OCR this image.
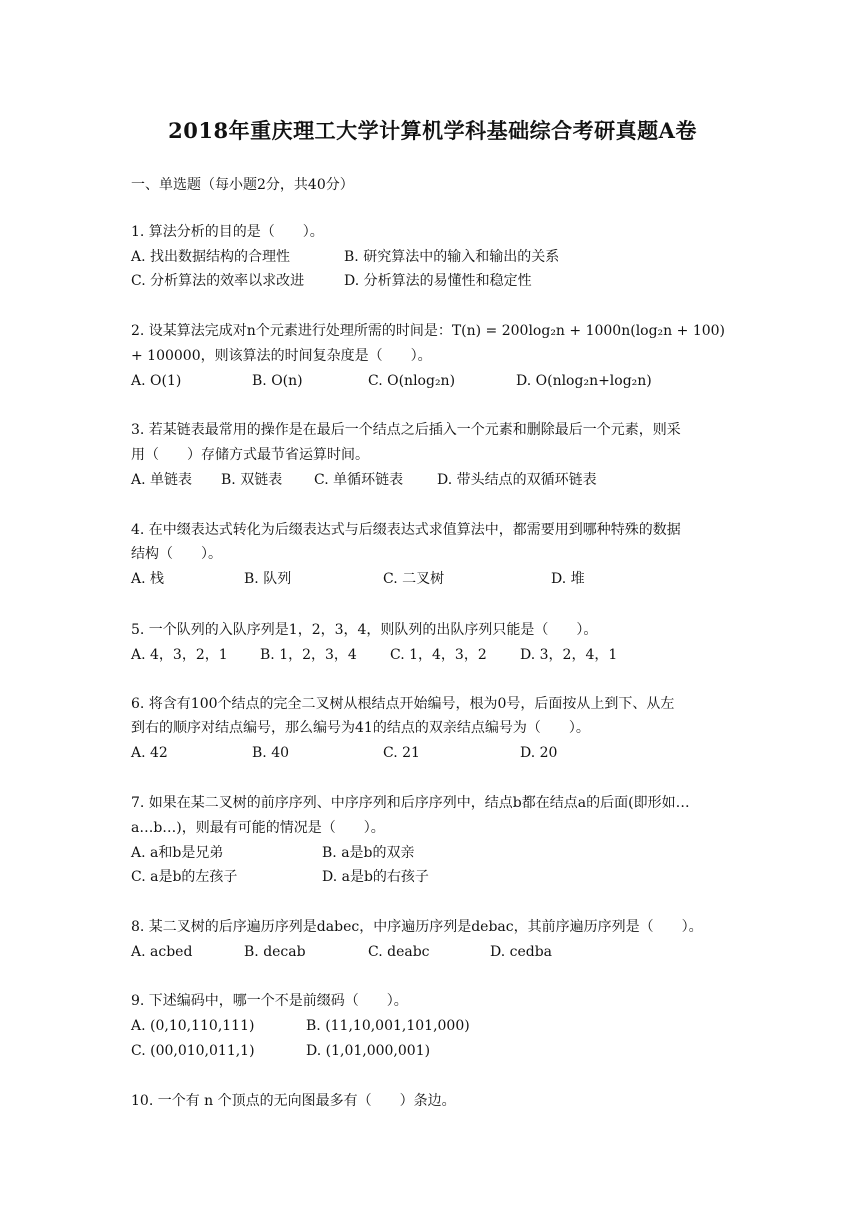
2018年重庆理工大学计算机学科基础综合考研真题A卷
一、单选题（每小题2分，共40分）
1. 算法分析的目的是（　　）。
A. 找出数据结构的合理性	B. 研究算法中的输入和输出的关系
C. 分析算法的效率以求改进	D. 分析算法的易懂性和稳定性
2. 设某算法完成对n个元素进行处理所需的时间是：T(n) = 200log₂n + 1000n(log₂n + 100)
+ 100000，则该算法的时间复杂度是（　　）。
A. O(1)	B. O(n)	C. O(nlog₂n)	D. O(nlog₂n+log₂n)
3. 若某链表最常用的操作是在最后一个结点之后插入一个元素和删除最后一个元素，则采
用（　　）存储方式最节省运算时间。
A. 单链表 B. 双链表 C. 单循环链表 D. 带头结点的双循环链表
4. 在中缀表达式转化为后缀表达式与后缀表达式求值算法中，都需要用到哪种特殊的数据
结构（　　）。
A. 栈	B. 队列	C. 二叉树	D. 堆
5. 一个队列的入队序列是1，2，3，4，则队列的出队序列只能是（　　）。
A. 4，3，2，1 B. 1，2，3，4 C. 1，4，3，2 D. 3，2，4，1
6. 将含有100个结点的完全二叉树从根结点开始编号，根为0号，后面按从上到下、从左
到右的顺序对结点编号，那么编号为41的结点的双亲结点编号为（　　）。
A. 42	B. 40	C. 21	D. 20
7. 如果在某二叉树的前序序列、中序序列和后序序列中，结点b都在结点a的后面(即形如…
a…b…)，则最有可能的情况是（　　）。
A. a和b是兄弟	B. a是b的双亲
C. a是b的左孩子	D. a是b的右孩子
8. 某二叉树的后序遍历序列是dabec，中序遍历序列是debac，其前序遍历序列是（　　）。
A. acbed	B. decab	C. deabc	D. cedba
9. 下述编码中，哪一个不是前缀码（　　）。
A. (0,10,110,111)	B. (11,10,001,101,000)
C. (00,010,011,1)	D. (1,01,000,001)
10. 一个有 n 个顶点的无向图最多有（　　）条边。
